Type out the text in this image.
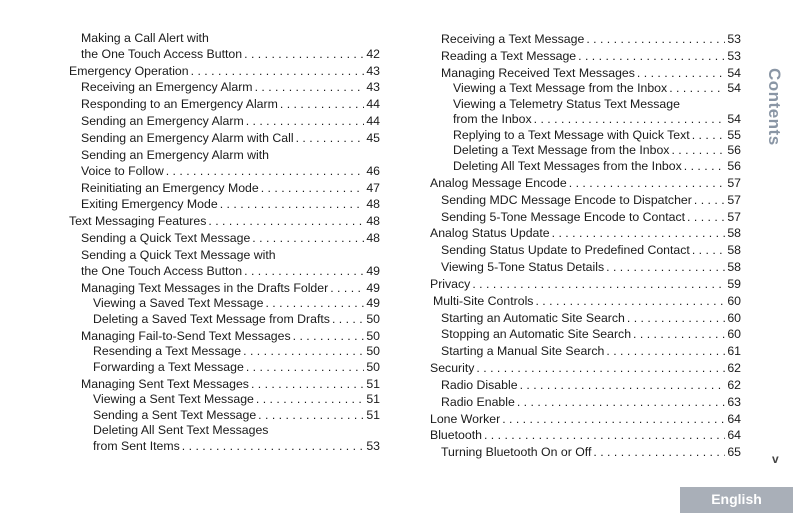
Making a Call Alert with
the One Touch Access Button . . .	42
Emergency Operation . . .	43
Receiving an Emergency Alarm . . .	43
Responding to an Emergency Alarm . . .	44
Sending an Emergency Alarm . . .	44
Sending an Emergency Alarm with Call . . .	45
Sending an Emergency Alarm with
Voice to Follow . . .	46
Reinitiating an Emergency Mode . . .	47
Exiting Emergency Mode . . .	48
Text Messaging Features . . .	48
Sending a Quick Text Message . . .	48
Sending a Quick Text Message with
the One Touch Access Button . . .	49
Managing Text Messages in the Drafts Folder . . .	49
Viewing a Saved Text Message . . .	49
Deleting a Saved Text Message from Drafts . . .	50
Managing Fail-to-Send Text Messages . . .	50
Resending a Text Message . . .	50
Forwarding a Text Message . . .	50
Managing Sent Text Messages . . .	51
Viewing a Sent Text Message . . .	51
Sending a Sent Text Message . . .	51
Deleting All Sent Text Messages
from Sent Items . . .	53
Receiving a Text Message . . .	53
Reading a Text Message . . .	53
Managing Received Text Messages . . .	54
Viewing a Text Message from the Inbox . . .	54
Viewing a Telemetry Status Text Message
from the Inbox . . .	54
Replying to a Text Message with Quick Text . . .	55
Deleting a Text Message from the Inbox . . .	56
Deleting All Text Messages from the Inbox . . .	56
Analog Message Encode . . .	57
Sending MDC Message Encode to Dispatcher . . .	57
Sending 5-Tone Message Encode to Contact . . .	57
Analog Status Update . . .	58
Sending Status Update to Predefined Contact . . .	58
Viewing 5-Tone Status Details . . .	58
Privacy . . .	59
Multi-Site Controls . . .	60
Starting an Automatic Site Search . . .	60
Stopping an Automatic Site Search . . .	60
Starting a Manual Site Search . . .	61
Security . . .	62
Radio Disable . . .	62
Radio Enable . . .	63
Lone Worker . . .	64
Bluetooth . . .	64
Turning Bluetooth On or Off . . .	65
Contents
v
English
